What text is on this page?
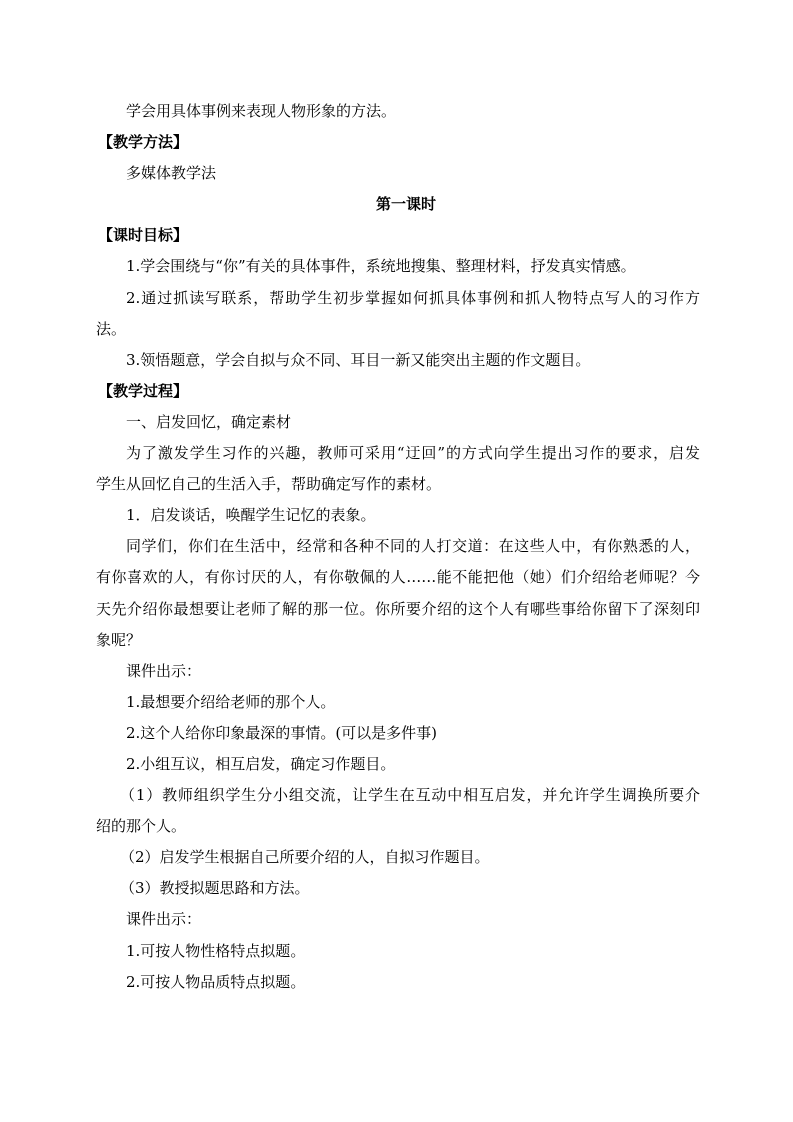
学会用具体事例来表现人物形象的方法。

【教学方法】

多媒体教学法

第一课时

【课时目标】

1.学会围绕与“你”有关的具体事件，系统地搜集、整理材料，抒发真实情感。

2.通过抓读写联系，帮助学生初步掌握如何抓具体事例和抓人物特点写人的习作方

法。

3.领悟题意，学会自拟与众不同、耳目一新又能突出主题的作文题目。

【教学过程】

一、启发回忆，确定素材

为了激发学生习作的兴趣，教师可采用“迂回”的方式向学生提出习作的要求，启发

学生从回忆自己的生活入手，帮助确定写作的素材。

1．启发谈话，唤醒学生记忆的表象。

同学们，你们在生活中，经常和各种不同的人打交道：在这些人中，有你熟悉的人，

有你喜欢的人，有你讨厌的人，有你敬佩的人……能不能把他（她）们介绍给老师呢？今

天先介绍你最想要让老师了解的那一位。你所要介绍的这个人有哪些事给你留下了深刻印

象呢？

课件出示：

1.最想要介绍给老师的那个人。

2.这个人给你印象最深的事情。(可以是多件事)

2.小组互议，相互启发，确定习作题目。

（1）教师组织学生分小组交流，让学生在互动中相互启发，并允许学生调换所要介

绍的那个人。

（2）启发学生根据自己所要介绍的人，自拟习作题目。

（3）教授拟题思路和方法。

课件出示：

1.可按人物性格特点拟题。

2.可按人物品质特点拟题。
